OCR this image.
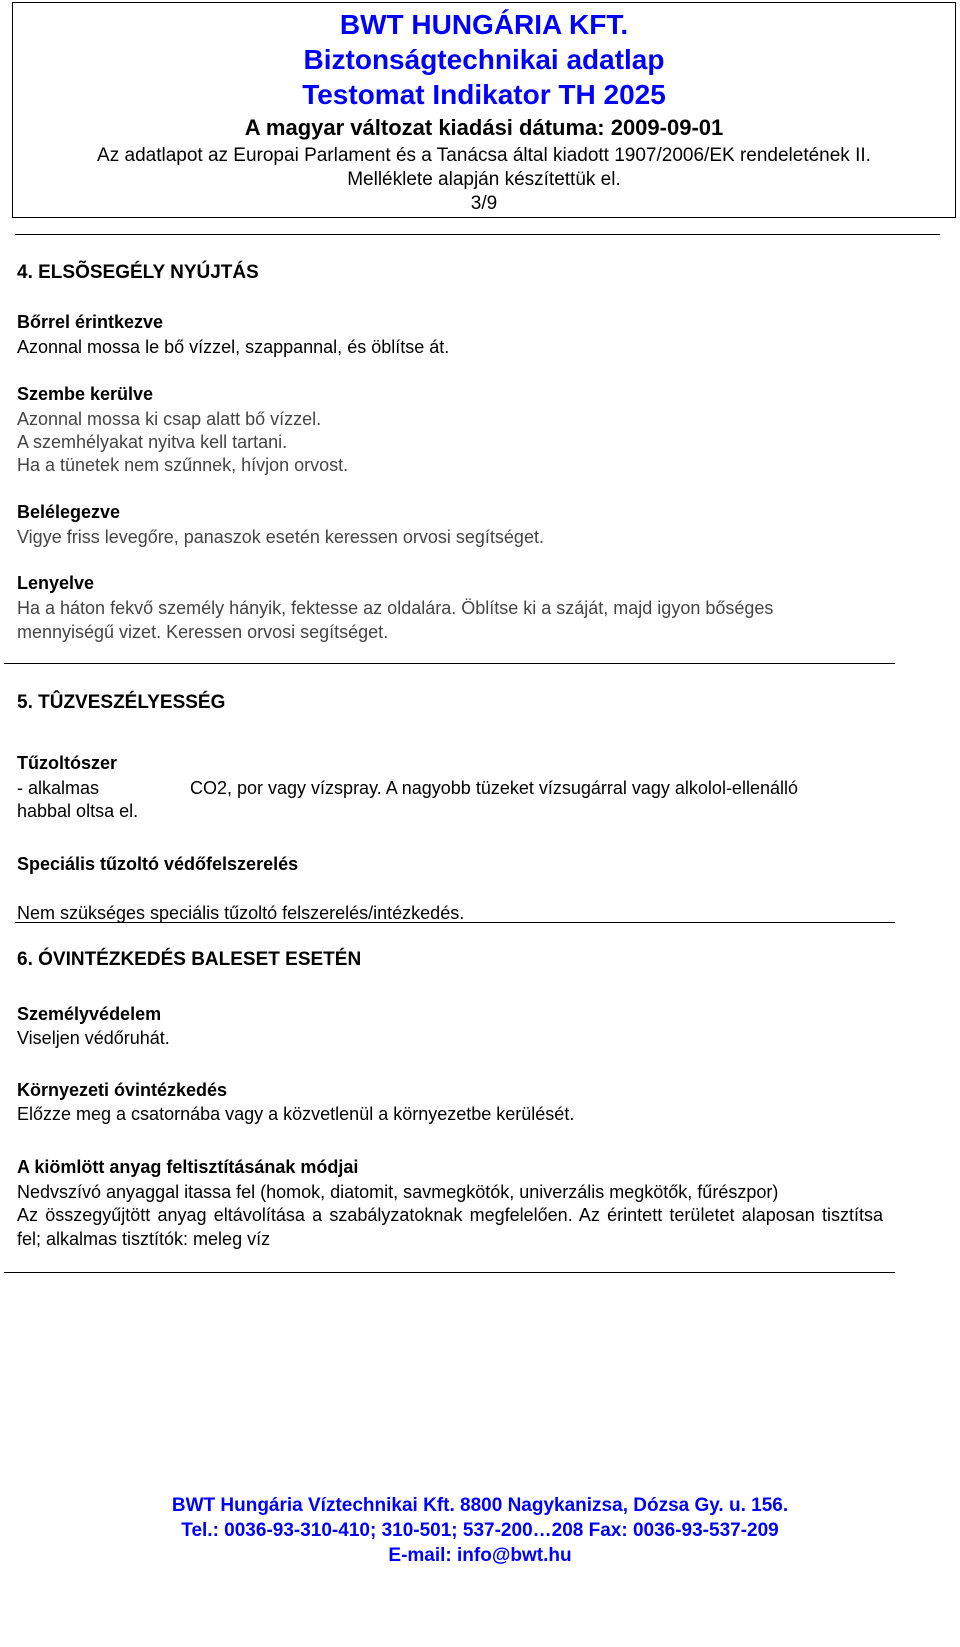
BWT HUNGÁRIA KFT.
Biztonságtechnikai adatlap
Testomat Indikator TH 2025
A magyar változat kiadási dátuma: 2009-09-01
Az adatlapot az Europai Parlament és a Tanácsa által kiadott 1907/2006/EK rendeletének II.
Melléklete alapján készítettük el.
3/9
4. ELSÕSEGÉLY NYÚJTÁS
Bőrrel érintkezve
Azonnal mossa le bő vízzel, szappannal, és öblítse át.
Szembe kerülve
Azonnal mossa ki csap alatt bő vízzel.
A szemhélyakat nyitva kell tartani.
Ha a tünetek nem szűnnek, hívjon orvost.
Belélegezve
Vigye friss levegőre, panaszok esetén keressen orvosi segítséget.
Lenyelve
Ha a háton fekvő személy hányik, fektesse az oldalára. Öblítse ki a száját, majd igyon bőséges
mennyiségű vizet. Keressen orvosi segítséget.
5. TÛZVESZÉLYESSÉG
Tűzoltószer
- alkalmas	CO2, por vagy vízspray. A nagyobb tüzeket vízsugárral vagy alkolol-ellenálló
habbal oltsa el.
Speciális tűzoltó védőfelszerelés
Nem szükséges speciális tűzoltó felszerelés/intézkedés.
6. ÓVINTÉZKEDÉS BALESET ESETÉN
Személyvédelem
Viseljen védőruhát.
Környezeti óvintézkedés
Előzze meg a csatornába vagy a közvetlenül a környezetbe kerülését.
A kiömlött anyag feltisztításának módjai
Nedvszívó anyaggal itassa fel (homok, diatomit, savmegkötók, univerzális megkötők, fűrészpor)
Az összegyűjtött anyag eltávolítása a szabályzatoknak megfelelően. Az érintett területet alaposan tisztítsa fel; alkalmas tisztítók: meleg víz
BWT Hungária Víztechnikai Kft. 8800 Nagykanizsa, Dózsa Gy. u. 156.
Tel.: 0036-93-310-410; 310-501; 537-200…208 Fax: 0036-93-537-209
E-mail: info@bwt.hu
